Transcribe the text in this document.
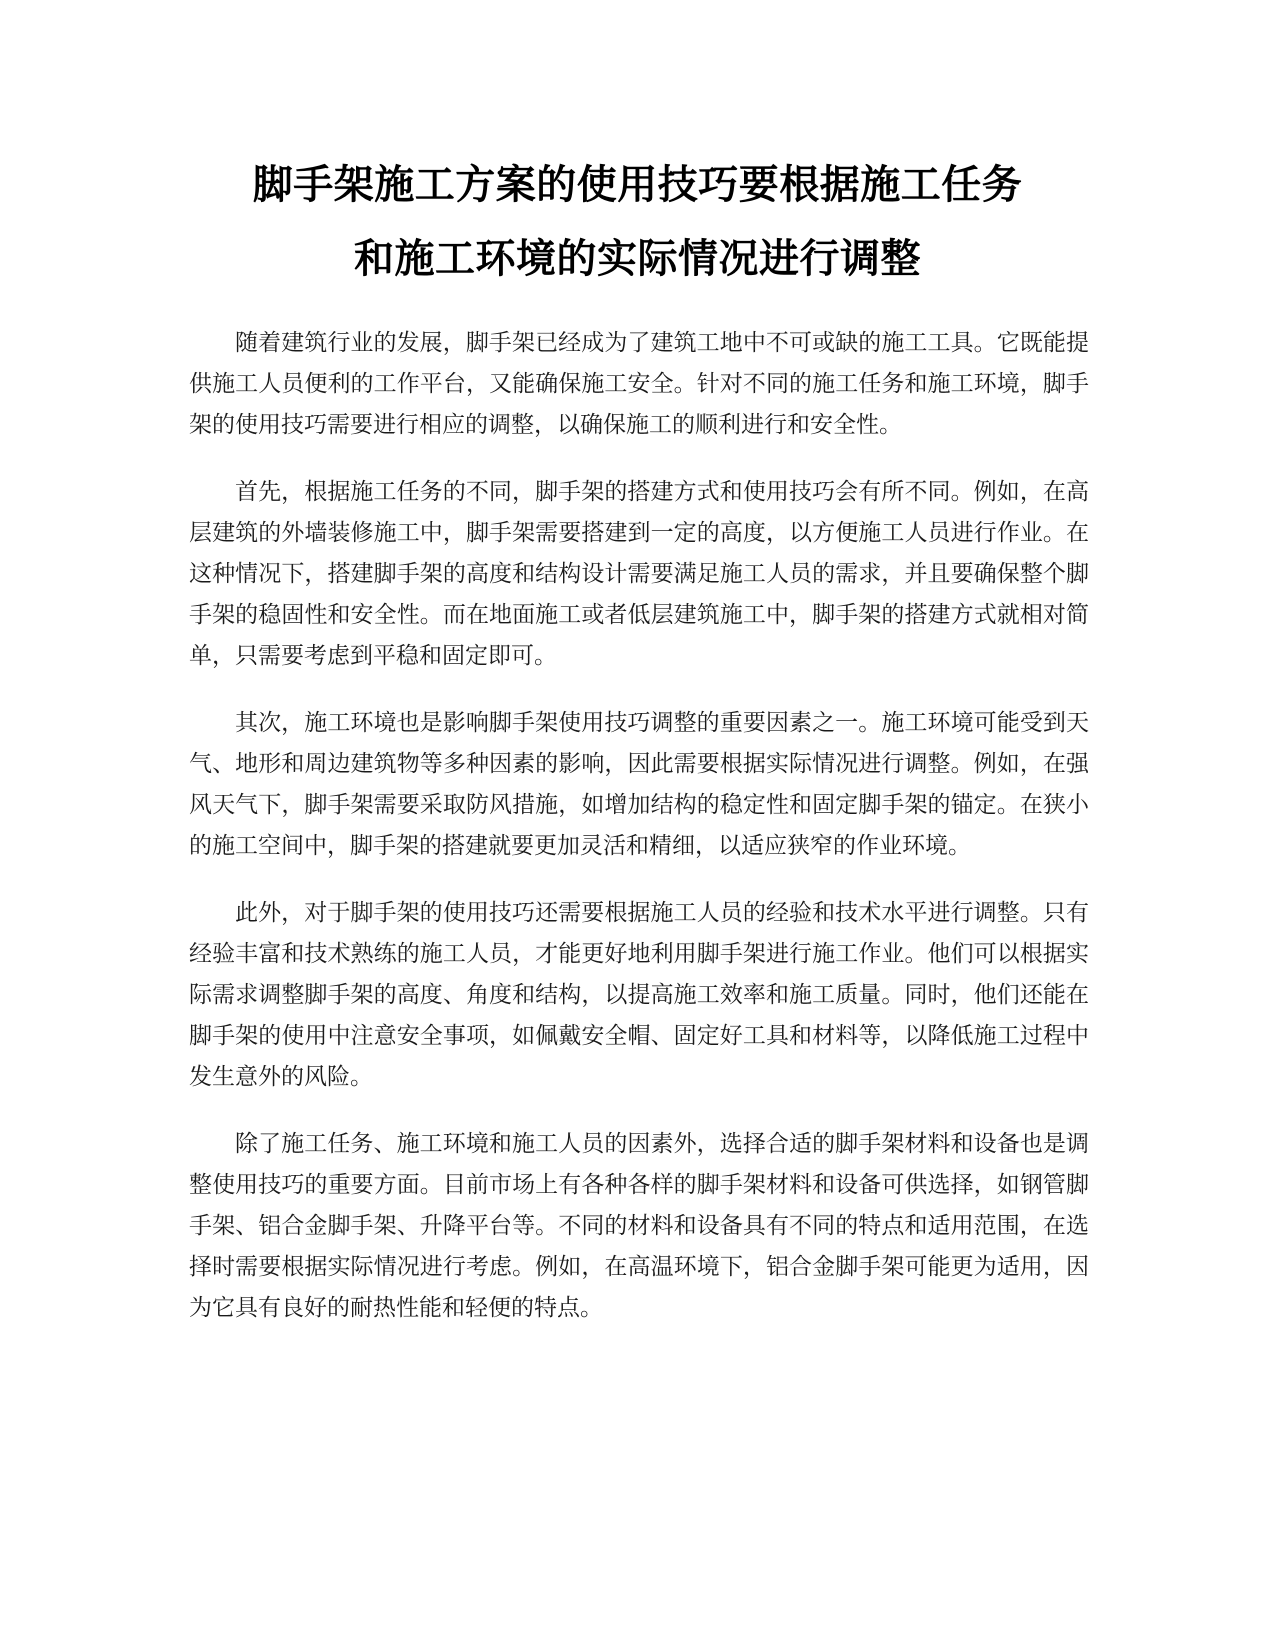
脚手架施工方案的使用技巧要根据施工任务
和施工环境的实际情况进行调整

随着建筑行业的发展，脚手架已经成为了建筑工地中不可或缺的施工工具。它既能提供施工人员便利的工作平台，又能确保施工安全。针对不同的施工任务和施工环境，脚手架的使用技巧需要进行相应的调整，以确保施工的顺利进行和安全性。

首先，根据施工任务的不同，脚手架的搭建方式和使用技巧会有所不同。例如，在高层建筑的外墙装修施工中，脚手架需要搭建到一定的高度，以方便施工人员进行作业。在这种情况下，搭建脚手架的高度和结构设计需要满足施工人员的需求，并且要确保整个脚手架的稳固性和安全性。而在地面施工或者低层建筑施工中，脚手架的搭建方式就相对简单，只需要考虑到平稳和固定即可。

其次，施工环境也是影响脚手架使用技巧调整的重要因素之一。施工环境可能受到天气、地形和周边建筑物等多种因素的影响，因此需要根据实际情况进行调整。例如，在强风天气下，脚手架需要采取防风措施，如增加结构的稳定性和固定脚手架的锚定。在狭小的施工空间中，脚手架的搭建就要更加灵活和精细，以适应狭窄的作业环境。

此外，对于脚手架的使用技巧还需要根据施工人员的经验和技术水平进行调整。只有经验丰富和技术熟练的施工人员，才能更好地利用脚手架进行施工作业。他们可以根据实际需求调整脚手架的高度、角度和结构，以提高施工效率和施工质量。同时，他们还能在脚手架的使用中注意安全事项，如佩戴安全帽、固定好工具和材料等，以降低施工过程中发生意外的风险。

除了施工任务、施工环境和施工人员的因素外，选择合适的脚手架材料和设备也是调整使用技巧的重要方面。目前市场上有各种各样的脚手架材料和设备可供选择，如钢管脚手架、铝合金脚手架、升降平台等。不同的材料和设备具有不同的特点和适用范围，在选择时需要根据实际情况进行考虑。例如，在高温环境下，铝合金脚手架可能更为适用，因为它具有良好的耐热性能和轻便的特点。
